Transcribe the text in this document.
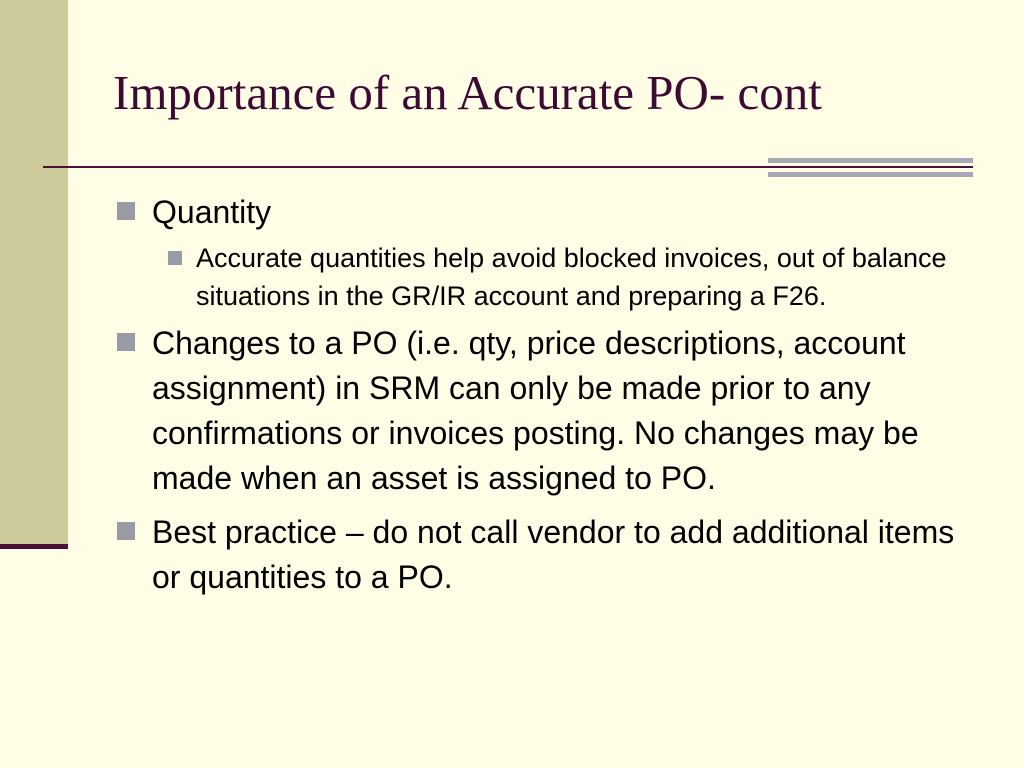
Importance of an Accurate PO- cont
Quantity
Accurate quantities help avoid blocked invoices, out of balance situations in the GR/IR account and preparing a F26.
Changes to a PO (i.e. qty, price descriptions, account assignment) in SRM can only be made prior to any confirmations or invoices posting. No changes may be made when an asset is assigned to PO.
Best practice – do not call vendor to add additional items or quantities to a PO.
